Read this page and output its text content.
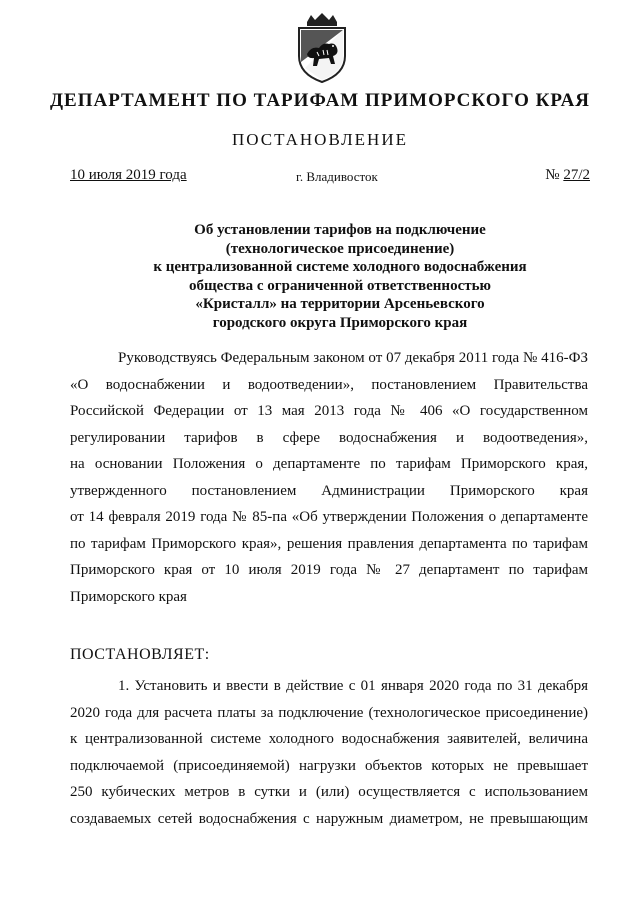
ДЕПАРТАМЕНТ ПО ТАРИФАМ ПРИМОРСКОГО КРАЯ
ПОСТАНОВЛЕНИЕ
10 июля 2019 года	г. Владивосток	№ 27/2
Об установлении тарифов на подключение
(технологическое присоединение)
к централизованной системе холодного водоснабжения
общества с ограниченной ответственностью
«Кристалл» на территории Арсеньевского
городского округа Приморского края
Руководствуясь Федеральным законом от 07 декабря 2011 года № 416-ФЗ
«О водоснабжении и водоотведении», постановлением Правительства
Российской Федерации от 13 мая 2013 года № 406 «О государственном
регулировании тарифов в сфере водоснабжения и водоотведения»,
на основании Положения о департаменте по тарифам Приморского края,
утвержденного постановлением Администрации Приморского края
от 14 февраля 2019 года № 85-па «Об утверждении Положения о департаменте
по тарифам Приморского края», решения правления департамента по тарифам
Приморского края от 10 июля 2019 года № 27 департамент по тарифам
Приморского края
ПОСТАНОВЛЯЕТ:
1. Установить и ввести в действие с 01 января 2020 года по 31 декабря
2020 года для расчета платы за подключение (технологическое присоединение)
к централизованной системе холодного водоснабжения заявителей, величина
подключаемой (присоединяемой) нагрузки объектов которых не превышает
250 кубических метров в сутки и (или) осуществляется с использованием
создаваемых сетей водоснабжения с наружным диаметром, не превышающим
